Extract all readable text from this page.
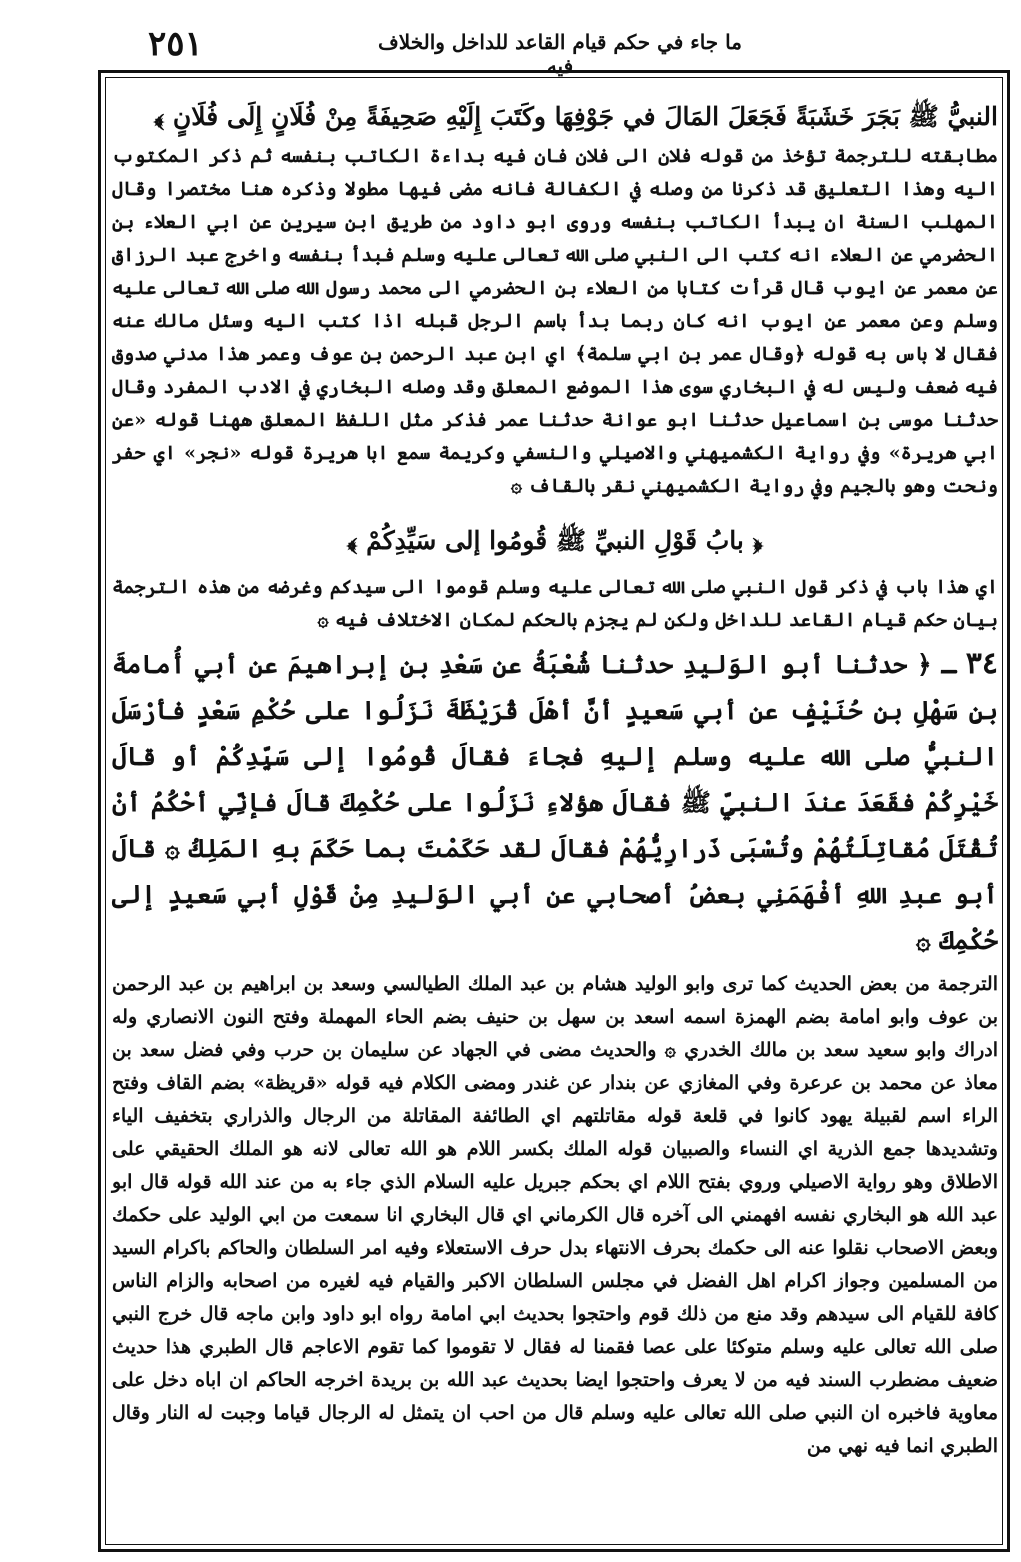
٢٥١	ما جاء في حكم قيام القاعد للداخل والخلاف فيه

النبيُّ ﷺ بَجَرَ خَشَبَةً فَجَعَلَ المَالَ في جَوْفِهَا وكَتَبَ إِلَيْهِ صَحِيفَةً مِنْ فُلَانٍ إِلَى فُلَانٍ ﴾

مطابقته للترجمة تؤخذ من قوله فلان الى فلان فان فيه بداءة الكاتب بنفسه ثم ذكر المكتوب اليه وهذا التعليق قد ذكرنا من وصله في الكفالة فانه مضى فيها مطولا وذكره هنا مختصرا وقال المهلب السنة ان يبدأ الكاتب بنفسه وروى ابو داود من طريق ابن سيرين عن ابي العلاء بن الحضرمي عن العلاء انه كتب الى النبي صلى الله تعالى عليه وسلم فبدأ بنفسه واخرج عبد الرزاق عن معمر عن ايوب قال قرأت كتابا من العلاء بن الحضرمي الى محمد رسول الله صلى الله تعالى عليه وسلم وعن معمر عن ايوب انه كان ربما بدأ باسم الرجل قبله اذا كتب اليه وسئل مالك عنه فقال لا باس به قوله ﴿وقال عمر بن ابي سلمة﴾ اي ابن عبد الرحمن بن عوف وعمر هذا مدني صدوق فيه ضعف وليس له في البخاري سوى هذا الموضع المعلق وقد وصله البخاري في الادب المفرد وقال حدثنا موسى بن اسماعيل حدثنا ابو عوانة حدثنا عمر فذكر مثل اللفظ المعلق ههنا قوله «عن ابي هريرة» وفي رواية الكشميهني والاصيلي والنسفي وكريمة سمع ابا هريرة قوله «نجر» اي حفر ونحت وهو بالجيم وفي رواية الكشميهني نقر بالقاف ۞

﴿ بابُ قَوْلِ النبيِّ ﷺ قُومُوا إلى سَيِّدِكُمْ ﴾

اي هذا باب في ذكر قول النبي صلى الله تعالى عليه وسلم قوموا الى سيدكم وغرضه من هذه الترجمة بيان حكم قيام القاعد للداخل ولكن لم يجزم بالحكم لمكان الاختلاف فيه ۞

٣٤ ـ ﴿ حدثنا أبو الوَليدِ حدثنا شُعْبَةُ عن سَعْدِ بنِ إبراهيمَ عن أبي أُمامةَ بنِ سَهْلِ بنِ حُنَيْفٍ عن أبي سَعيدٍ أنَّ أهْلَ قُرَيْظَةَ نَزَلُوا على حُكْمِ سَعْدٍ فأرْسَلَ النبيُّ صلى الله عليه وسلم إليهِ فجاءَ فقالَ قُومُوا إلى سَيِّدِكُمْ أو قالَ خَيْرِكُمْ فقَعَدَ عندَ النبيِّ ﷺ فقالَ هؤلاءِ نَزَلُوا على حُكْمِكَ قالَ فإنِّي أحْكُمُ أنْ تُقْتَلَ مُقاتِلَتُهُمْ وتُسْبَى ذَرارِيُّهُمْ فقالَ لقد حَكَمْتَ بما حَكَمَ بهِ المَلِكُ ۞ قالَ أبو عبدِ اللهِ أفْهَمَنِي بعضُ أصحابي عن أبي الوَليدِ مِنْ قَوْلِ أبي سَعيدٍ إلى حُكْمِكَ ۞

الترجمة من بعض الحديث كما ترى وابو الوليد هشام بن عبد الملك الطيالسي وسعد بن ابراهيم بن عبد الرحمن بن عوف وابو امامة بضم الهمزة اسمه اسعد بن سهل بن حنيف بضم الحاء المهملة وفتح النون الانصاري وله ادراك وابو سعيد سعد بن مالك الخدري ۞ والحديث مضى في الجهاد عن سليمان بن حرب وفي فضل سعد بن معاذ عن محمد بن عرعرة وفي المغازي عن بندار عن غندر ومضى الكلام فيه قوله «قريظة» بضم القاف وفتح الراء اسم لقبيلة يهود كانوا في قلعة قوله مقاتلتهم اي الطائفة المقاتلة من الرجال والذراري بتخفيف الياء وتشديدها جمع الذرية اي النساء والصبيان قوله الملك بكسر اللام هو الله تعالى لانه هو الملك الحقيقي على الاطلاق وهو رواية الاصيلي وروي بفتح اللام اي بحكم جبريل عليه السلام الذي جاء به من عند الله قوله قال ابو عبد الله هو البخاري نفسه افهمني الى آخره قال الكرماني اي قال البخاري انا سمعت من ابي الوليد على حكمك وبعض الاصحاب نقلوا عنه الى حكمك بحرف الانتهاء بدل حرف الاستعلاء وفيه امر السلطان والحاكم باكرام السيد من المسلمين وجواز اكرام اهل الفضل في مجلس السلطان الاكبر والقيام فيه لغيره من اصحابه والزام الناس كافة للقيام الى سيدهم وقد منع من ذلك قوم واحتجوا بحديث ابي امامة رواه ابو داود وابن ماجه قال خرج النبي صلى الله تعالى عليه وسلم متوكئا على عصا فقمنا له فقال لا تقوموا كما تقوم الاعاجم قال الطبري هذا حديث ضعيف مضطرب السند فيه من لا يعرف واحتجوا ايضا بحديث عبد الله بن بريدة اخرجه الحاكم ان اباه دخل على معاوية فاخبره ان النبي صلى الله تعالى عليه وسلم قال من احب ان يتمثل له الرجال قياما وجبت له النار وقال الطبري انما فيه نهي من
